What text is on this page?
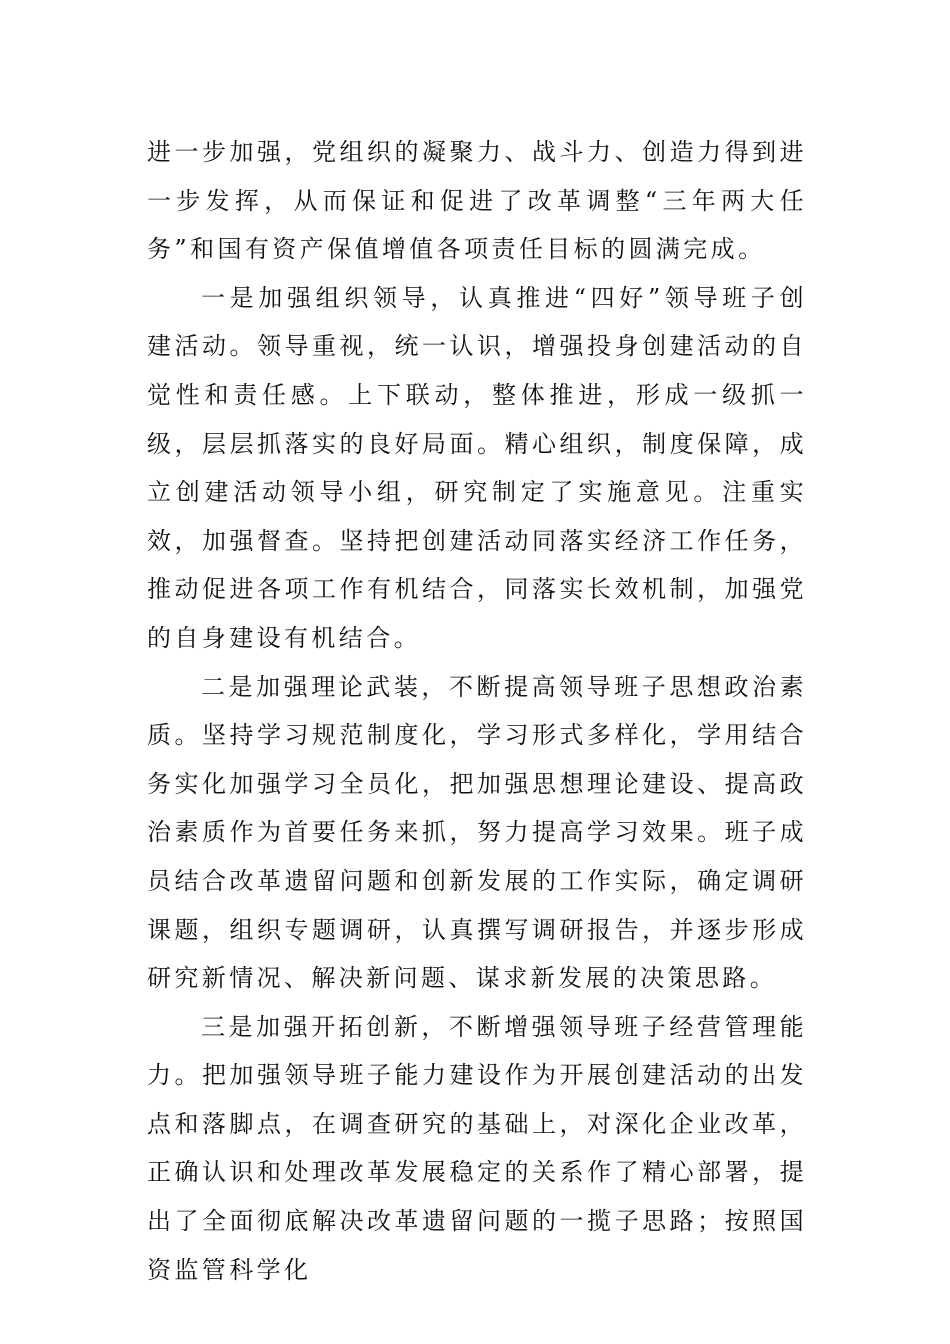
进一步加强，党组织的凝聚力、战斗力、创造力得到进一步发挥，从而保证和促进了改革调整“三年两大任务”和国有资产保值增值各项责任目标的圆满完成。

一是加强组织领导，认真推进“四好”领导班子创建活动。领导重视，统一认识，增强投身创建活动的自觉性和责任感。上下联动，整体推进，形成一级抓一级，层层抓落实的良好局面。精心组织，制度保障，成立创建活动领导小组，研究制定了实施意见。注重实效，加强督查。坚持把创建活动同落实经济工作任务，推动促进各项工作有机结合，同落实长效机制，加强党的自身建设有机结合。

二是加强理论武装，不断提高领导班子思想政治素质。坚持学习规范制度化，学习形式多样化，学用结合务实化加强学习全员化，把加强思想理论建设、提高政治素质作为首要任务来抓，努力提高学习效果。班子成员结合改革遗留问题和创新发展的工作实际，确定调研课题，组织专题调研，认真撰写调研报告，并逐步形成研究新情况、解决新问题、谋求新发展的决策思路。

三是加强开拓创新，不断增强领导班子经营管理能力。把加强领导班子能力建设作为开展创建活动的出发点和落脚点，在调查研究的基础上，对深化企业改革，正确认识和处理改革发展稳定的关系作了精心部署，提出了全面彻底解决改革遗留问题的一揽子思路；按照国资监管科学化
